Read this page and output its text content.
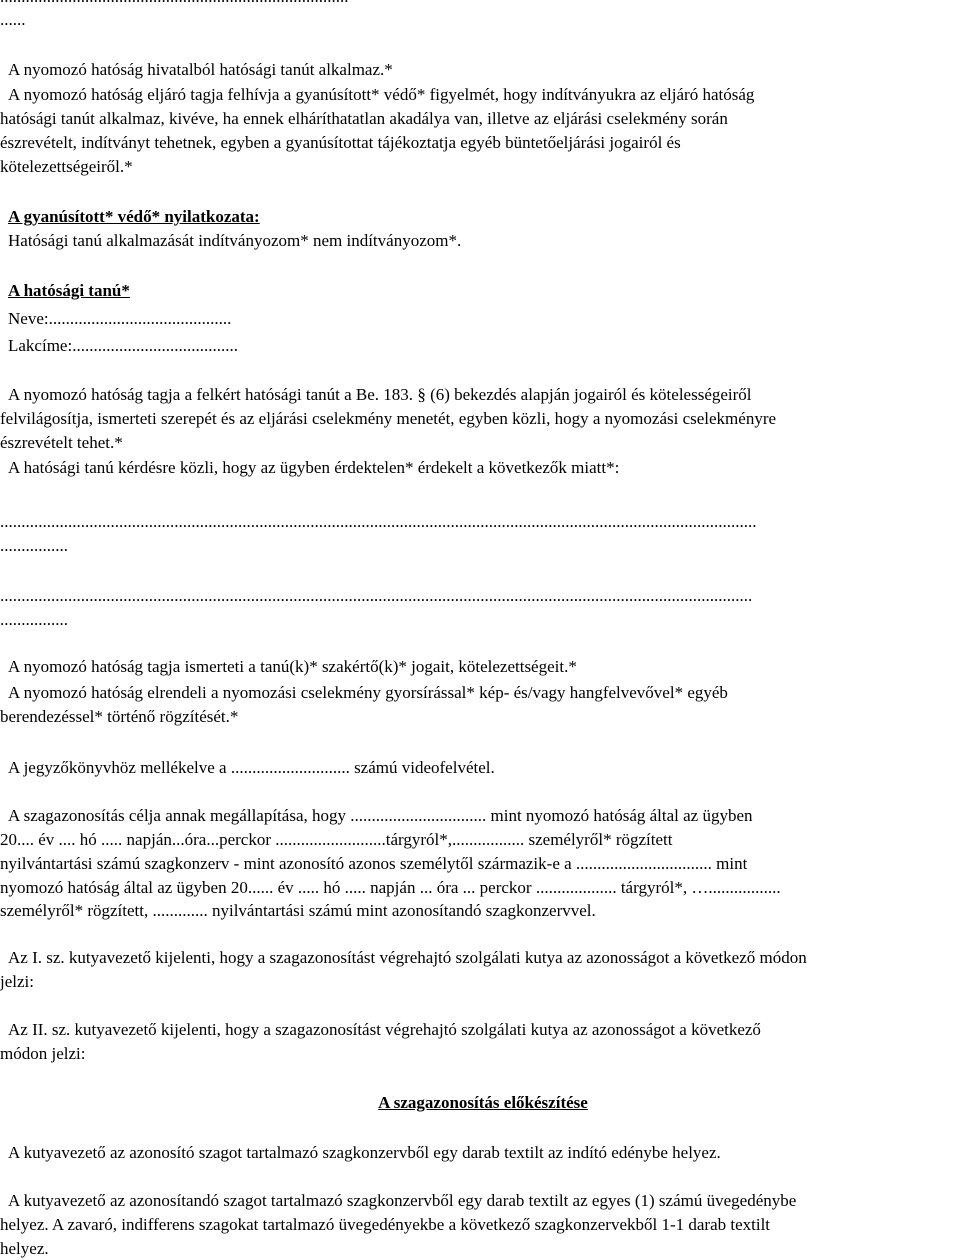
......
A nyomozó hatóság hivatalból hatósági tanút alkalmaz.*
A nyomozó hatóság eljáró tagja felhívja a gyanúsított* védő* figyelmét, hogy indítványukra az eljáró hatóság
hatósági tanút alkalmaz, kivéve, ha ennek elháríthatatlan akadálya van, illetve az eljárási cselekmény során
észrevételt, indítványt tehetnek, egyben a gyanúsítottat tájékoztatja egyéb büntetőeljárási jogairól és
kötelezettségeiről.*
A gyanúsított* védő* nyilatkozata:
Hatósági tanú alkalmazását indítványozom* nem indítványozom*.
A hatósági tanú*
Neve:...........................................
Lakcíme:.......................................
A nyomozó hatóság tagja a felkért hatósági tanút a Be. 183. § (6) bekezdés alapján jogairól és kötelességeiről
felvilágosítja, ismerteti szerepét és az eljárási cselekmény menetét, egyben közli, hogy a nyomozási cselekményre
észrevételt tehet.*
A hatósági tanú kérdésre közli, hogy az ügyben érdektelen* érdekelt a következők miatt*:
..................................................................................................................................................................................
................
.................................................................................................................................................................................
................
A nyomozó hatóság tagja ismerteti a tanú(k)* szakértő(k)* jogait, kötelezettségeit.*
A nyomozó hatóság elrendeli a nyomozási cselekmény gyorsírással* kép- és/vagy hangfelvevővel* egyéb
berendezéssel* történő rögzítését.*
A jegyzőkönyvhöz mellékelve a ............................ számú videofelvétel.
A szagazonosítás célja annak megállapítása, hogy ................................ mint nyomozó hatóság által az ügyben
20.... év .... hó ..... napján...óra...perckor ..........................tárgyról*,................. személyről* rögzített
nyilvántartási számú szagkonzerv - mint azonosító azonos személytől származik-e a ................................ mint
nyomozó hatóság által az ügyben 20...... év ..... hó ..... napján ... óra ... perckor ................... tárgyról*, ….................
személyről* rögzített, ............. nyilvántartási számú mint azonosítandó szagkonzervvel.
Az I. sz. kutyavezető kijelenti, hogy a szagazonosítást végrehajtó szolgálati kutya az azonosságot a következő módon
jelzi:
Az II. sz. kutyavezető kijelenti, hogy a szagazonosítást végrehajtó szolgálati kutya az azonosságot a következő
módon jelzi:
A szagazonosítás előkészítése
A kutyavezető az azonosító szagot tartalmazó szagkonzervből egy darab textilt az indító edénybe helyez.
A kutyavezető az azonosítandó szagot tartalmazó szagkonzervből egy darab textilt az egyes (1) számú üvegedénybe
helyez. A zavaró, indifferens szagokat tartalmazó üvegedényekbe a következő szagkonzervekből 1-1 darab textilt
helyez.
